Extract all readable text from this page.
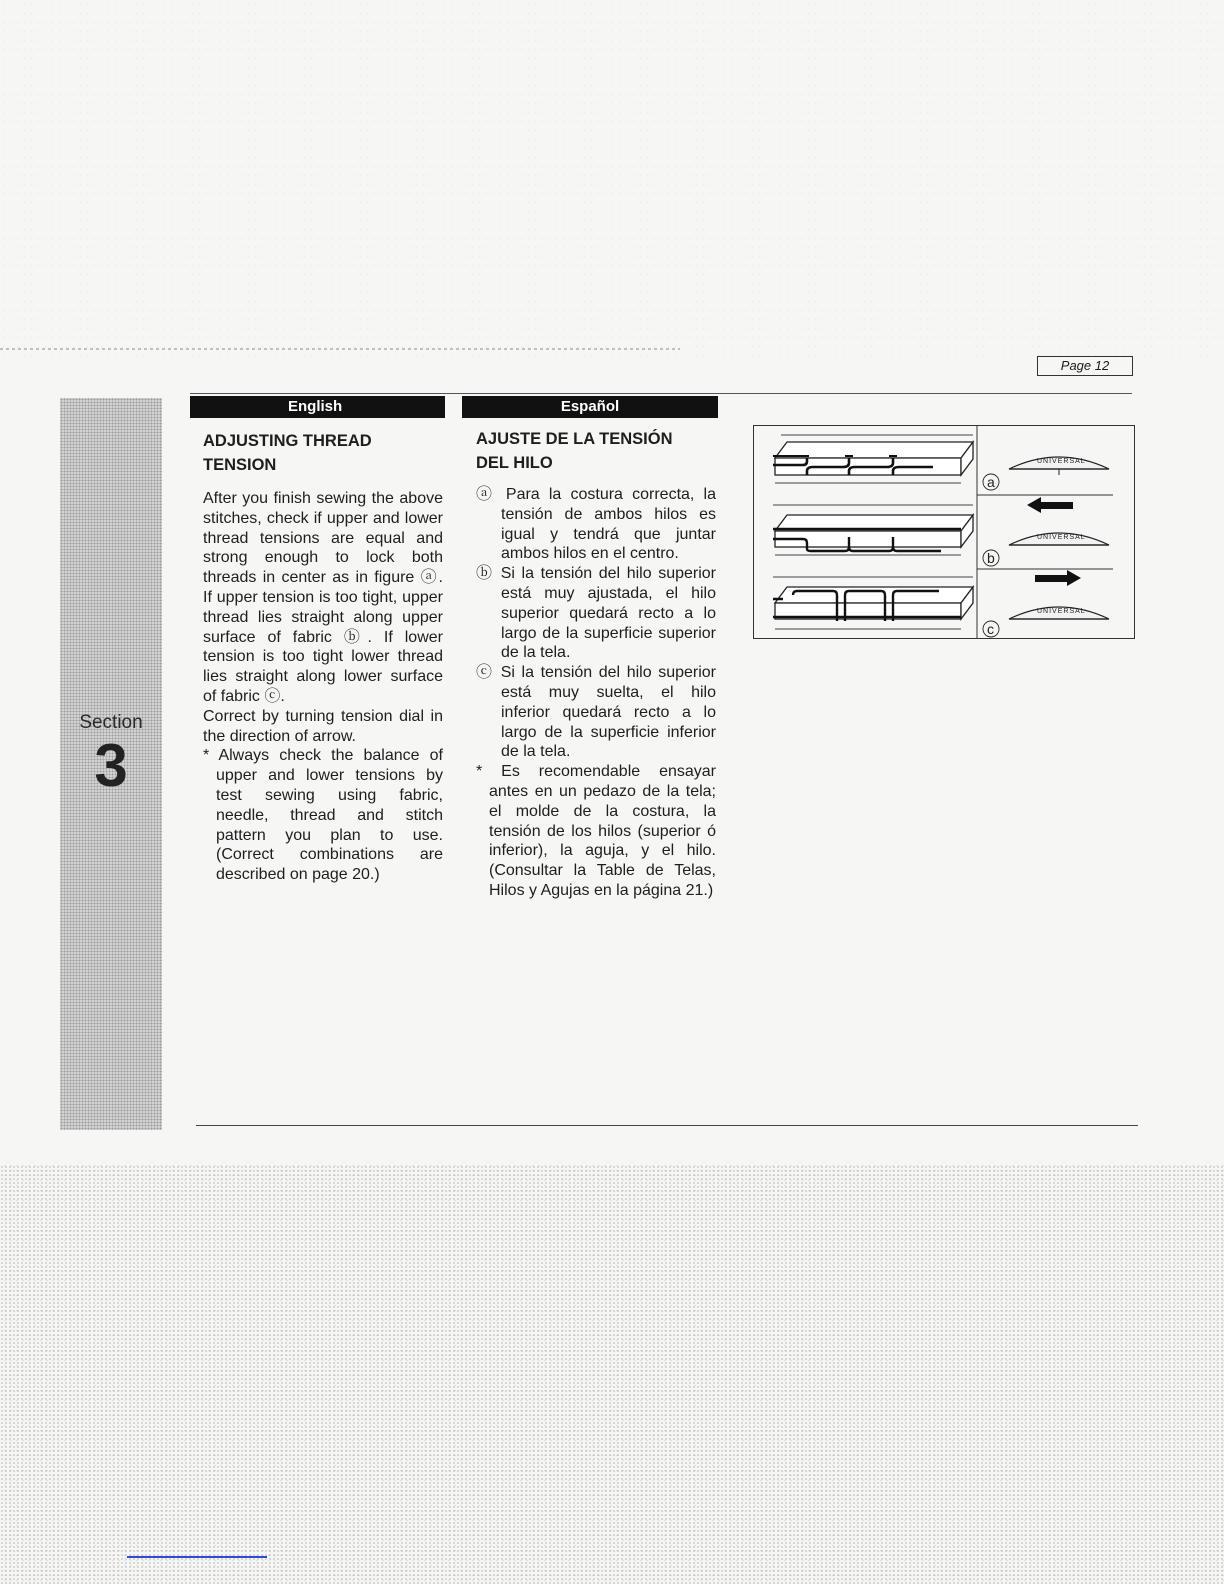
Page 12
Section
3
English	Español
ADJUSTING THREAD
TENSION

After you finish sewing the above stitches, check if upper and lower thread tensions are equal and strong enough to lock both threads in center as in figure ⓐ. If upper tension is too tight, upper thread lies straight along upper surface of fabric ⓑ. If lower tension is too tight lower thread lies straight along lower surface of fabric ⓒ.

Correct by turning tension dial in the direction of arrow.

* Always check the balance of upper and lower tensions by test sewing using fabric, needle, thread and stitch pattern you plan to use. (Correct combinations are described on page 20.)

AJUSTE DE LA TENSIÓN
DEL HILO

ⓐ Para la costura correcta, la tensión de ambos hilos es igual y tendrá que juntar ambos hilos en el centro.

ⓑ Si la tensión del hilo superior está muy ajustada, el hilo superior quedará recto a lo largo de la superficie superior de la tela.

ⓒ Si la tensión del hilo superior está muy suelta, el hilo inferior quedará recto a lo largo de la superficie inferior de la tela.

* Es recomendable ensayar antes en un pedazo de la tela; el molde de la costura, la tensión de los hilos (superior ó inferior), la aguja, y el hilo. (Consultar la Table de Telas, Hilos y Agujas en la página 21.)

a
UNIVERSAL
b
UNIVERSAL
c
UNIVERSAL
